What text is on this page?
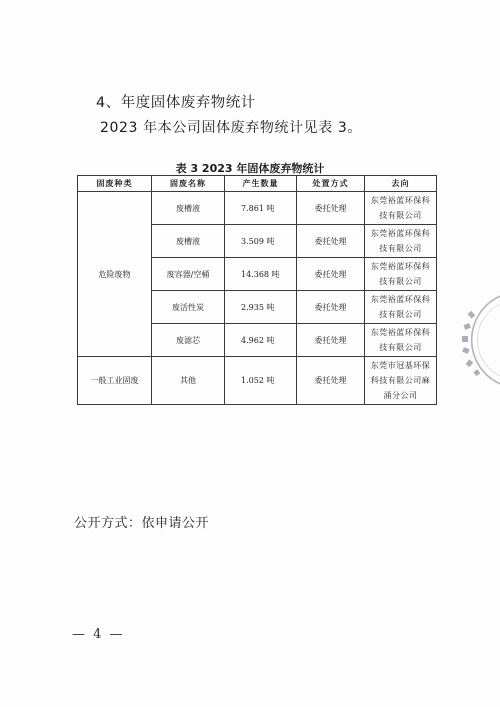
4、年度固体废弃物统计
2023 年本公司固体废弃物统计见表 3。
表 3 2023 年固体废弃物统计
固废种类	固废名称	产生数量	处置方式	去向
危险废物	废槽液	7.861 吨	委托处理	东莞裕蓝环保科
技有限公司

	废槽液	3.509 吨	委托处理	东莞裕蓝环保科
技有限公司

	废容器/空桶	14.368 吨	委托处理	东莞裕蓝环保科
技有限公司

	废活性炭	2.935 吨	委托处理	东莞裕蓝环保科
技有限公司

	废滤芯	4.962 吨	委托处理	东莞裕蓝环保科
技有限公司

一般工业固废	其他	1.052 吨	委托处理	东莞市冠基环保
科技有限公司麻
涌分公司
公开方式：依申请公开
— 4 —
